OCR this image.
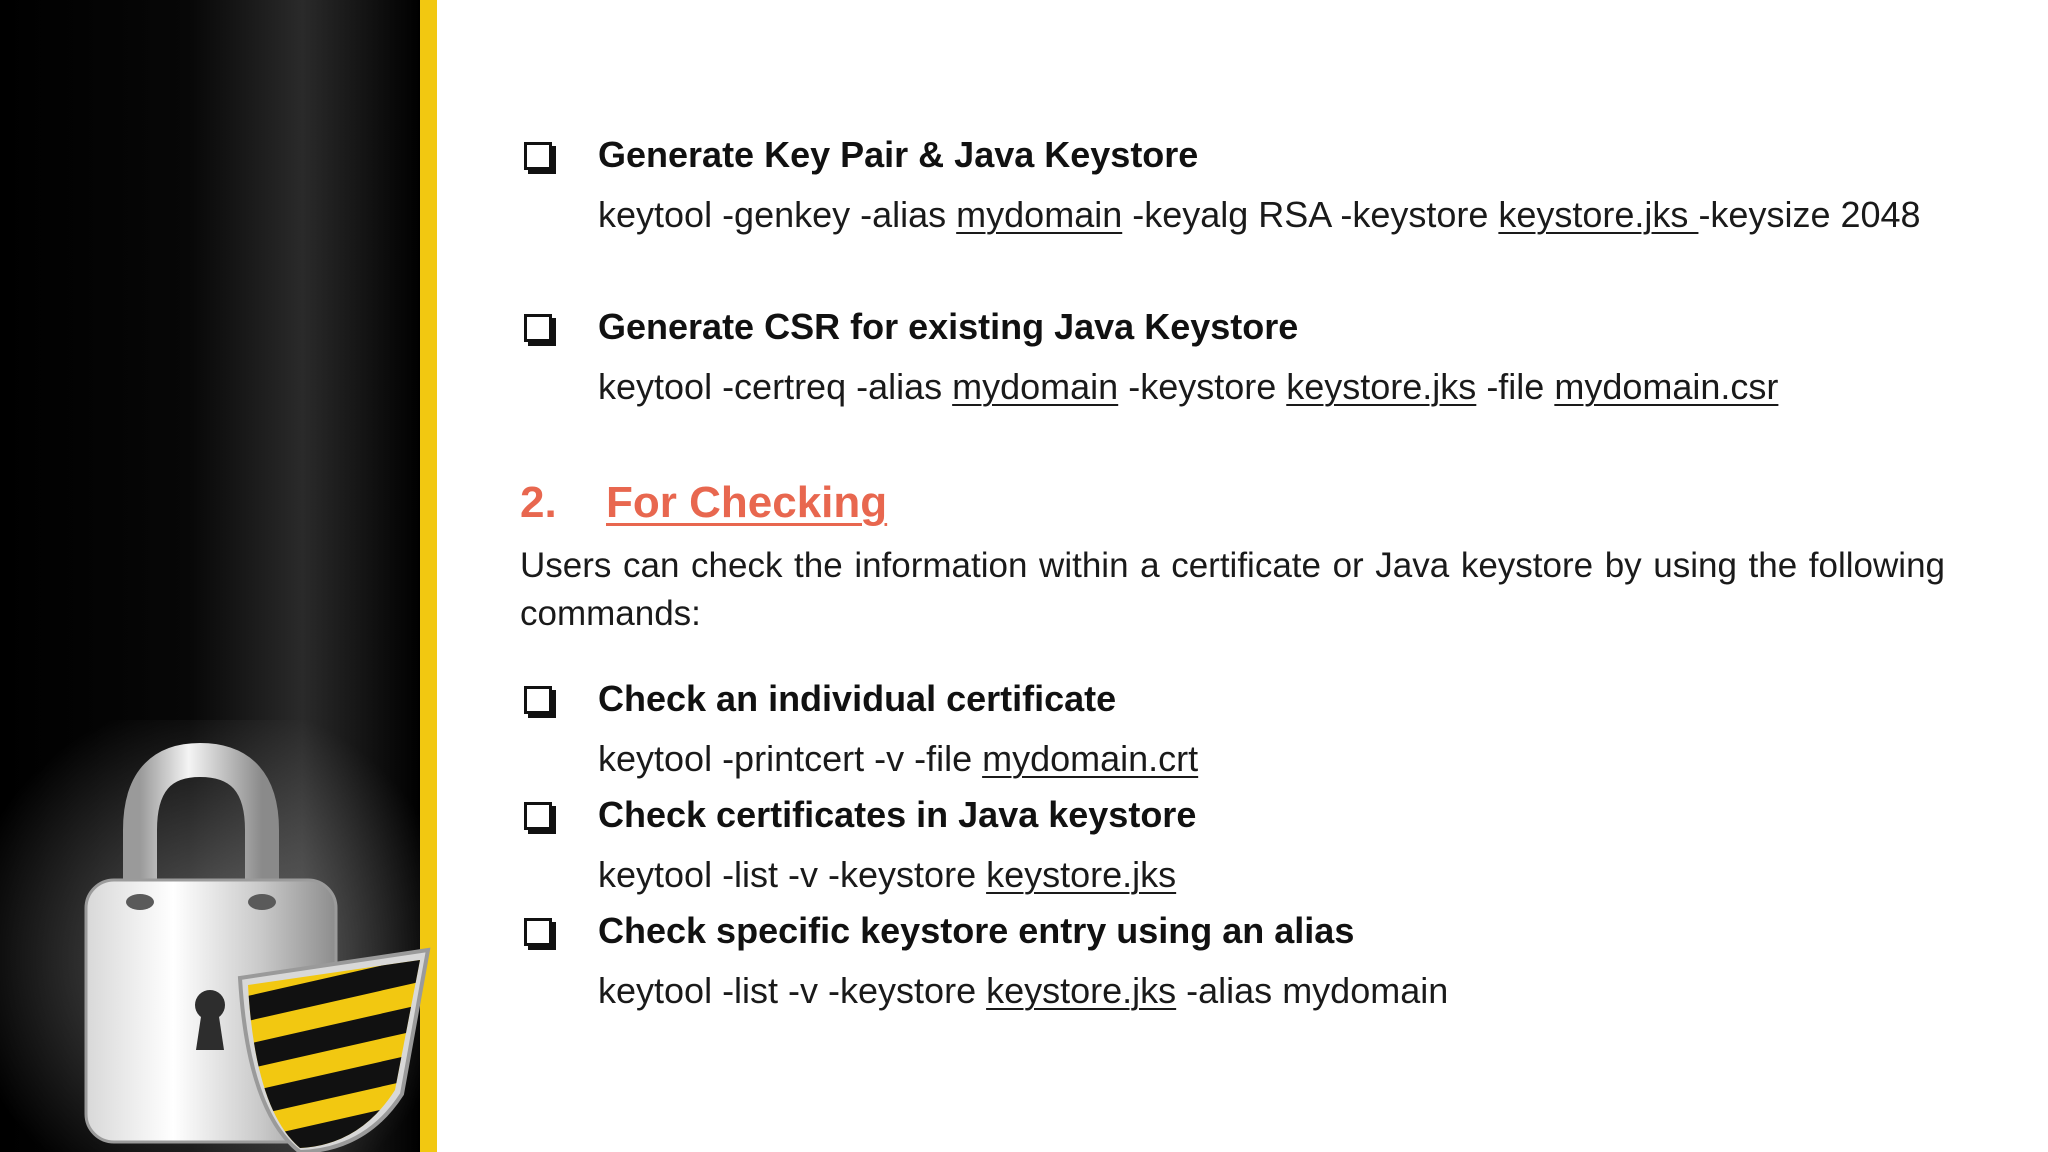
Generate Key Pair & Java Keystore
keytool -genkey -alias mydomain -keyalg RSA -keystore keystore.jks -keysize 2048
Generate CSR for existing Java Keystore
keytool -certreq -alias mydomain -keystore keystore.jks -file mydomain.csr
2. For Checking
Users can check the information within a certificate or Java keystore by using the following commands:
Check an individual certificate
keytool -printcert -v -file mydomain.crt
Check certificates in Java keystore
keytool -list -v -keystore keystore.jks
Check specific keystore entry using an alias
keytool -list -v -keystore keystore.jks -alias mydomain
